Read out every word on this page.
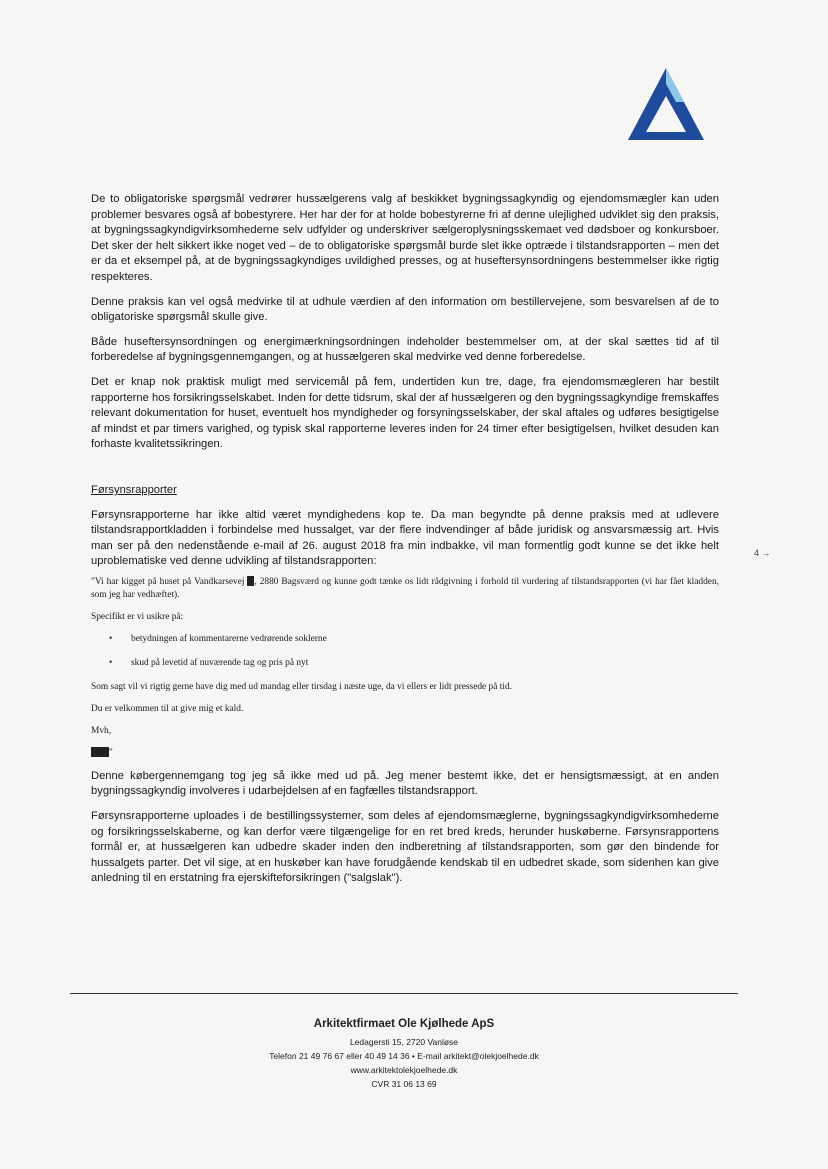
De to obligatoriske spørgsmål vedrører hussælgerens valg af beskikket bygningssagkyndig og ejendomsmægler kan uden problemer besvares også af bobestyrere. Her har der for at holde bobestyrerne fri af denne ulejlighed udviklet sig den praksis, at bygningssagkyndigvirksomhederne selv udfylder og underskriver sælgeroplysningsskemaet ved dødsboer og konkursboer. Det sker der helt sikkert ikke noget ved – de to obligatoriske spørgsmål burde slet ikke optræde i tilstandsrapporten – men det er da et eksempel på, at de bygningssagkyndiges uvildighed presses, og at huseftersynsordningens bestemmelser ikke rigtig respekteres.

Denne praksis kan vel også medvirke til at udhule værdien af den information om bestillervejene, som besvarelsen af de to obligatoriske spørgsmål skulle give.

Både huseftersynsordningen og energimærkningsordningen indeholder bestemmelser om, at der skal sættes tid af til forberedelse af bygningsgennemgangen, og at hussælgeren skal medvirke ved denne forberedelse.

Det er knap nok praktisk muligt med servicemål på fem, undertiden kun tre, dage, fra ejendomsmægleren har bestilt rapporterne hos forsikringsselskabet. Inden for dette tidsrum, skal der af hussælgeren og den bygningssagkyndige fremskaffes relevant dokumentation for huset, eventuelt hos myndigheder og forsyningsselskaber, der skal aftales og udføres besigtigelse af mindst et par timers varighed, og typisk skal rapporterne leveres inden for 24 timer efter besigtigelsen, hvilket desuden kan forhaste kvalitetssikringen.

Førsynsrapporter

Førsynsrapporterne har ikke altid været myndighedens kop te. Da man begyndte på denne praksis med at udlevere tilstandsrapportkladden i forbindelse med hussalget, var der flere indvendinger af både juridisk og ansvarsmæssig art. Hvis man ser på den nedenstående e-mail af 26. august 2018 fra min indbakke, vil man formentlig godt kunne se det ikke helt uproblematiske ved denne udvikling af tilstandsrapporten:

"Vi har kigget på huset på Vandkarsevej , 2880 Bagsværd og kunne godt tænke os lidt rådgivning i forhold til vurdering af tilstandsrapporten (vi har fået kladden, som jeg har vedhæftet).

Specifikt er vi usikre på:

• betydningen af kommentarerne vedrørende soklerne
• skud på levetid af nuværende tag og pris på nyt

Som sagt vil vi rigtig gerne have dig med ud mandag eller tirsdag i næste uge, da vi ellers er lidt pressede på tid.

Du er velkommen til at give mig et kald.

Mvh,

"

Denne købergennemgang tog jeg så ikke med ud på. Jeg mener bestemt ikke, det er hensigtsmæssigt, at en anden bygningssagkyndig involveres i udarbejdelsen af en fagfælles tilstandsrapport.

Førsynsrapporterne uploades i de bestillingssystemer, som deles af ejendomsmæglerne, bygningssagkyndigvirksomhederne og forsikringsselskaberne, og kan derfor være tilgængelige for en ret bred kreds, herunder huskøberne. Førsynsrapportens formål er, at hussælgeren kan udbedre skader inden den indberetning af tilstandsrapporten, som gør den bindende for hussalgets parter. Det vil sige, at en huskøber kan have forudgående kendskab til en udbedret skade, som sidenhen kan give anledning til en erstatning fra ejerskifteforsikringen ("salgslak").

4 →
Arkitektfirmaet Ole Kjølhede ApS
Ledagersti 15, 2720 Vanløse
Telefon 21 49 76 67 eller 40 49 14 36 • E-mail arkitekt@olekjoelhede.dk
www.arkitektolekjoelhede.dk
CVR 31 06 13 69
